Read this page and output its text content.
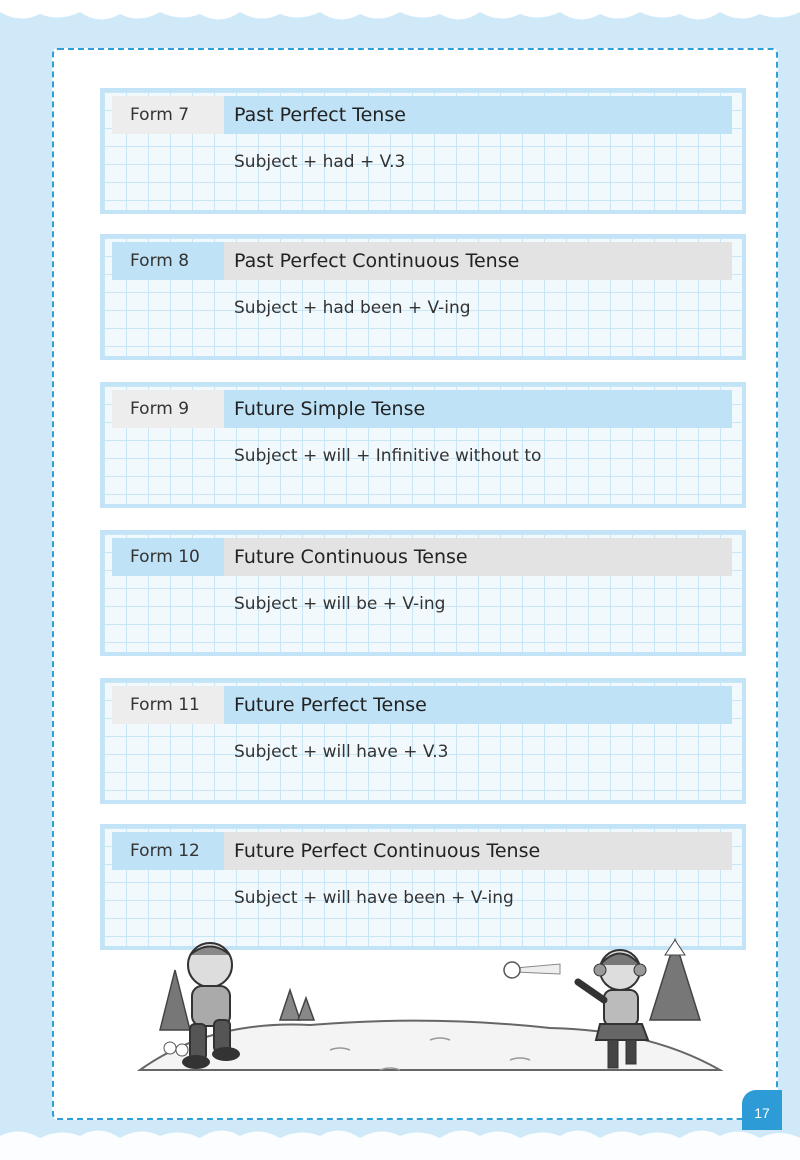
Form 7	Past Perfect Tense
Subject + had + V.3
Form 8	Past Perfect Continuous Tense
Subject + had been + V-ing
Form 9	Future Simple Tense
Subject + will + Infinitive without to
Form 10	Future Continuous Tense
Subject + will be + V-ing
Form 11	Future Perfect Tense
Subject + will have + V.3
Form 12	Future Perfect Continuous Tense
Subject + will have been + V-ing
17
